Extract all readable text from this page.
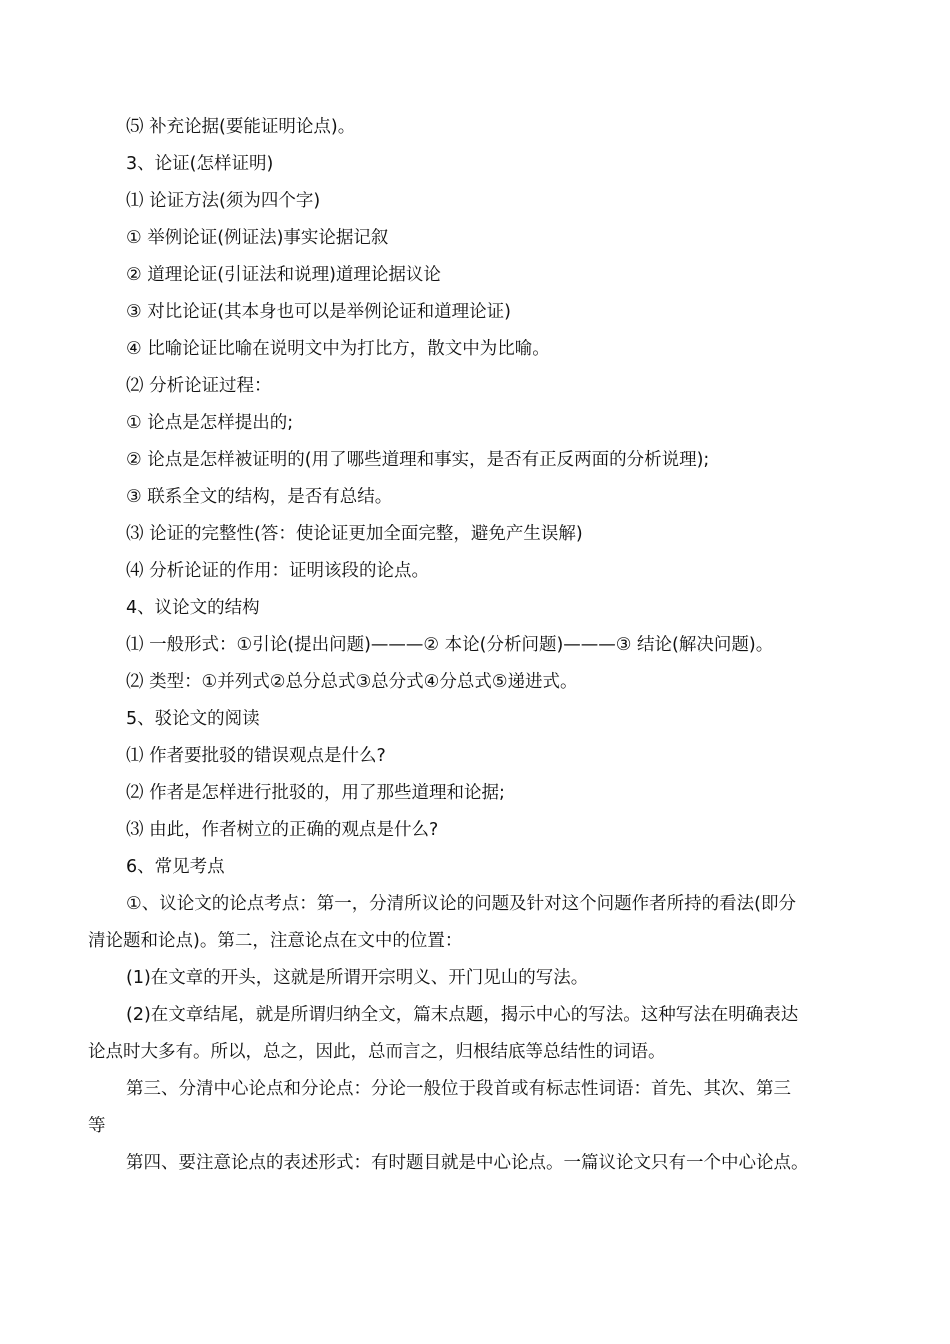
⑸ 补充论据(要能证明论点)。
3、论证(怎样证明)
⑴ 论证方法(须为四个字)
① 举例论证(例证法)事实论据记叙
② 道理论证(引证法和说理)道理论据议论
③ 对比论证(其本身也可以是举例论证和道理论证)
④ 比喻论证比喻在说明文中为打比方，散文中为比喻。
⑵ 分析论证过程：
① 论点是怎样提出的;
② 论点是怎样被证明的(用了哪些道理和事实，是否有正反两面的分析说理);
③ 联系全文的结构，是否有总结。
⑶ 论证的完整性(答：使论证更加全面完整，避免产生误解)
⑷ 分析论证的作用：证明该段的论点。
4、议论文的结构
⑴ 一般形式：①引论(提出问题)———② 本论(分析问题)———③ 结论(解决问题)。
⑵ 类型：①并列式②总分总式③总分式④分总式⑤递进式。
5、驳论文的阅读
⑴ 作者要批驳的错误观点是什么?
⑵ 作者是怎样进行批驳的，用了那些道理和论据;
⑶ 由此，作者树立的正确的观点是什么?
6、常见考点
①、议论文的论点考点：第一，分清所议论的问题及针对这个问题作者所持的看法(即分
清论题和论点)。第二，注意论点在文中的位置：
(1)在文章的开头，这就是所谓开宗明义、开门见山的写法。
(2)在文章结尾，就是所谓归纳全文，篇末点题，揭示中心的写法。这种写法在明确表达
论点时大多有。所以，总之，因此，总而言之，归根结底等总结性的词语。
第三、分清中心论点和分论点：分论一般位于段首或有标志性词语：首先、其次、第三
等
第四、要注意论点的表述形式：有时题目就是中心论点。一篇议论文只有一个中心论点。
